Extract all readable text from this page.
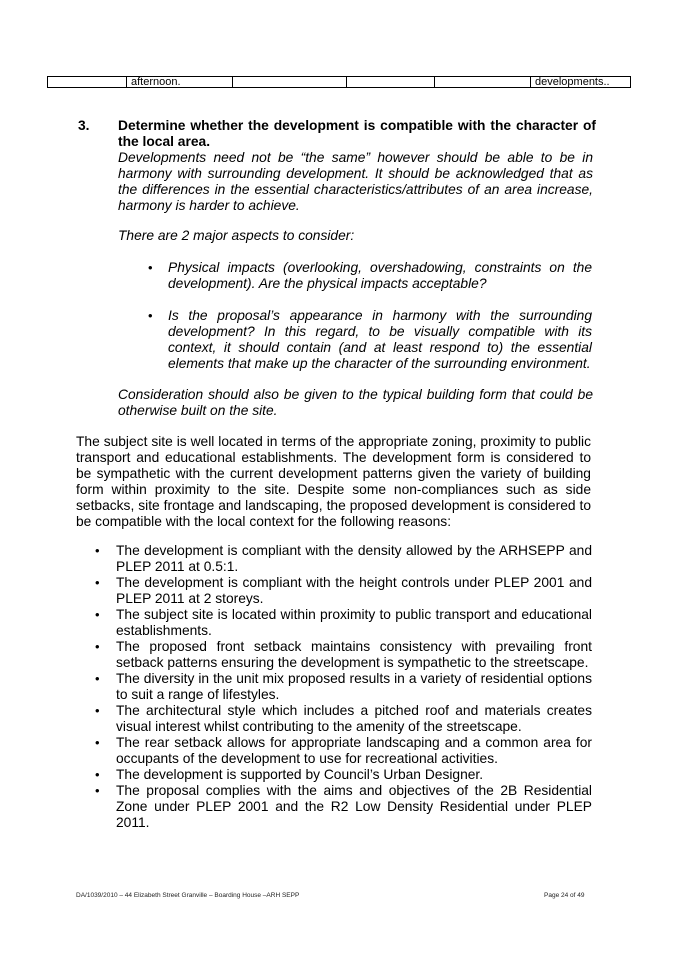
afternoon.	developments..
3. Determine whether the development is compatible with the character of the local area.
Developments need not be “the same” however should be able to be in harmony with surrounding development. It should be acknowledged that as the differences in the essential characteristics/attributes of an area increase, harmony is harder to achieve.
There are 2 major aspects to consider:
• Physical impacts (overlooking, overshadowing, constraints on the development). Are the physical impacts acceptable?
• Is the proposal’s appearance in harmony with the surrounding development? In this regard, to be visually compatible with its context, it should contain (and at least respond to) the essential elements that make up the character of the surrounding environment.
Consideration should also be given to the typical building form that could be otherwise built on the site.
The subject site is well located in terms of the appropriate zoning, proximity to public transport and educational establishments. The development form is considered to be sympathetic with the current development patterns given the variety of building form within proximity to the site. Despite some non-compliances such as side setbacks, site frontage and landscaping, the proposed development is considered to be compatible with the local context for the following reasons:
• The development is compliant with the density allowed by the ARHSEPP and PLEP 2011 at 0.5:1.
• The development is compliant with the height controls under PLEP 2001 and PLEP 2011 at 2 storeys.
• The subject site is located within proximity to public transport and educational establishments.
• The proposed front setback maintains consistency with prevailing front setback patterns ensuring the development is sympathetic to the streetscape.
• The diversity in the unit mix proposed results in a variety of residential options to suit a range of lifestyles.
• The architectural style which includes a pitched roof and materials creates visual interest whilst contributing to the amenity of the streetscape.
• The rear setback allows for appropriate landscaping and a common area for occupants of the development to use for recreational activities.
• The development is supported by Council’s Urban Designer.
• The proposal complies with the aims and objectives of the 2B Residential Zone under PLEP 2001 and the R2 Low Density Residential under PLEP 2011.
DA/1039/2010 – 44 Elizabeth Street Granville – Boarding House –ARH SEPP	Page 24 of 49
